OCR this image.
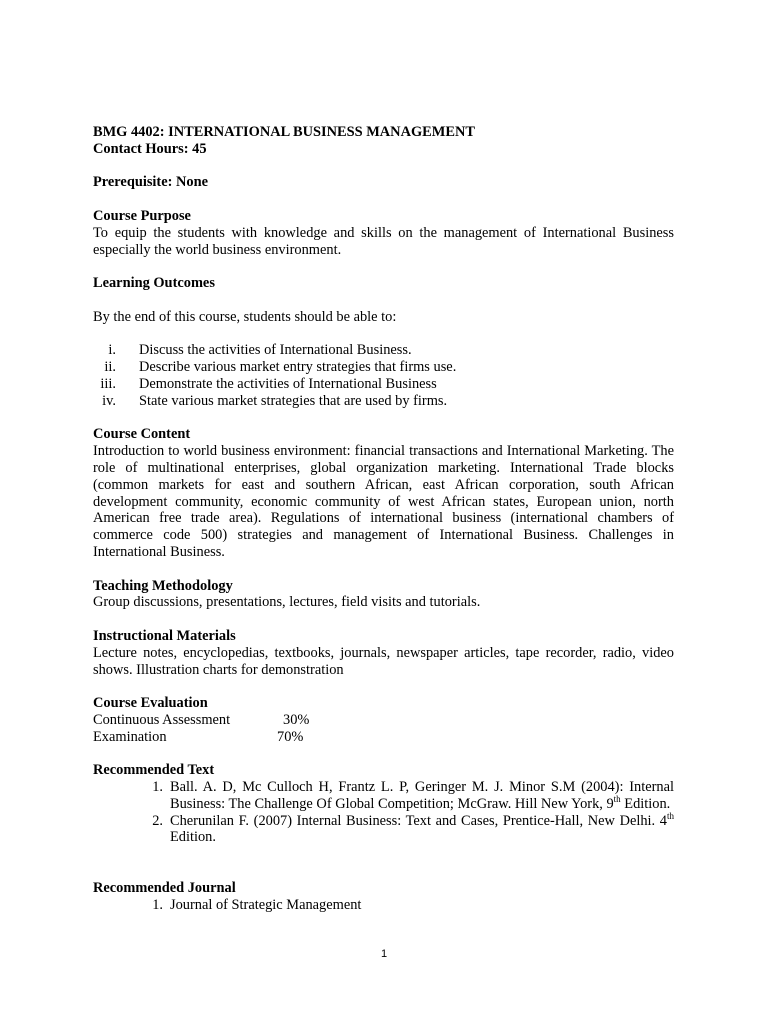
BMG 4402: INTERNATIONAL BUSINESS MANAGEMENT

Contact Hours: 45

Prerequisite: None

Course Purpose

To equip the students with knowledge and skills on the management of International Business especially the world business environment.

Learning Outcomes

By the end of this course, students should be able to:

i. Discuss the activities of International Business.
ii. Describe various market entry strategies that firms use.
iii. Demonstrate the activities of International Business
iv. State various market strategies that are used by firms.

Course Content

Introduction to world business environment: financial transactions and International Marketing. The role of multinational enterprises, global organization marketing. International Trade blocks (common markets for east and southern African, east African corporation, south African development community, economic community of west African states, European union, north American free trade area). Regulations of international business (international chambers of commerce code 500) strategies and management of International Business. Challenges in International Business.

Teaching Methodology

Group discussions, presentations, lectures, field visits and tutorials.

Instructional Materials

Lecture notes, encyclopedias, textbooks, journals, newspaper articles, tape recorder, radio, video shows. Illustration charts for demonstration

Course Evaluation

Continuous Assessment	30%
Examination	70%

Recommended Text

1. Ball. A. D, Mc Culloch H, Frantz L. P, Geringer M. J. Minor S.M (2004): Internal Business: The Challenge Of Global Competition; McGraw. Hill New York, 9th Edition.
2. Cherunilan F. (2007) Internal Business: Text and Cases, Prentice-Hall, New Delhi. 4th Edition.

Recommended Journal

1. Journal of Strategic Management
1
